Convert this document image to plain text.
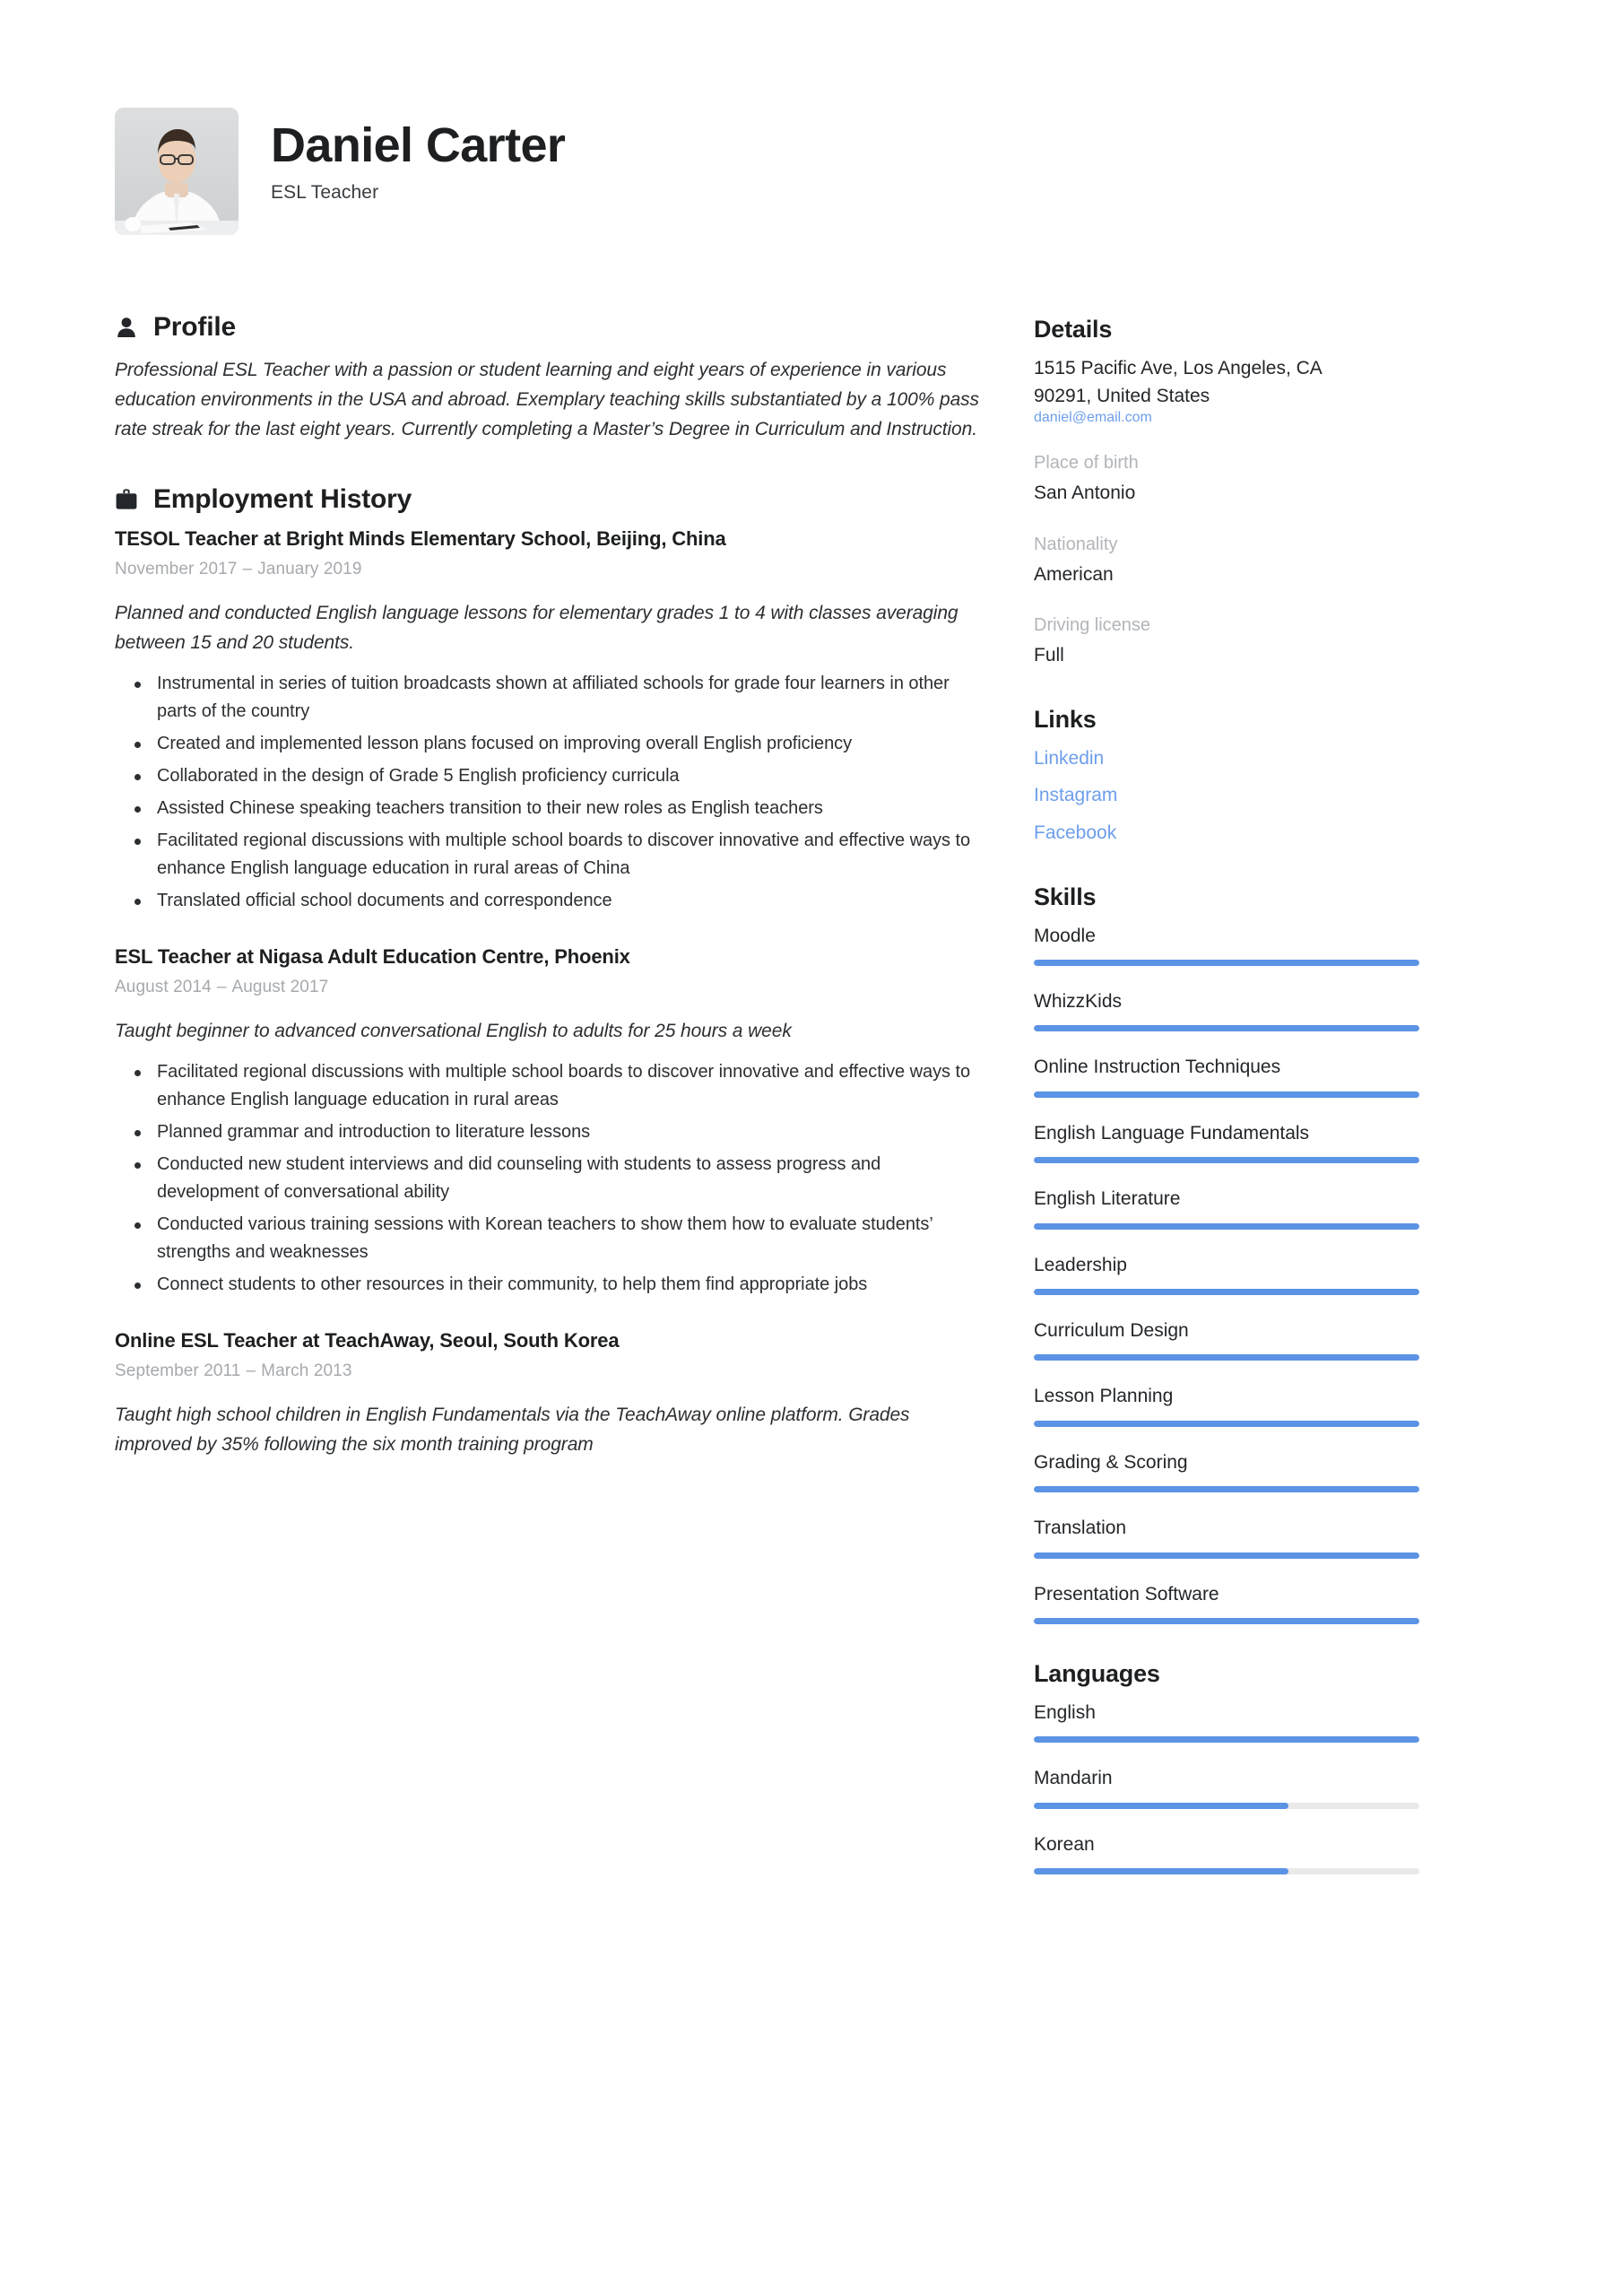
Daniel Carter
ESL Teacher
Profile

Professional ESL Teacher with a passion or student learning and eight years of experience in various education environments in the USA and abroad. Exemplary teaching skills substantiated by a 100% pass rate streak for the last eight years. Currently completing a Master’s Degree in Curriculum and Instruction.

Employment History
TESOL Teacher at Bright Minds Elementary School, Beijing, China
November 2017 – January 2019
Planned and conducted English language lessons for elementary grades 1 to 4 with classes averaging between 15 and 20 students.
Instrumental in series of tuition broadcasts shown at affiliated schools for grade four learners in other parts of the country
Created and implemented lesson plans focused on improving overall English proficiency
Collaborated in the design of Grade 5 English proficiency curricula
Assisted Chinese speaking teachers transition to their new roles as English teachers
Facilitated regional discussions with multiple school boards to discover innovative and effective ways to enhance English language education in rural areas of China
Translated official school documents and correspondence
ESL Teacher at Nigasa Adult Education Centre, Phoenix
August 2014 – August 2017
Taught beginner to advanced conversational English to adults for 25 hours a week
Facilitated regional discussions with multiple school boards to discover innovative and effective ways to enhance English language education in rural areas
Planned grammar and introduction to literature lessons
Conducted new student interviews and did counseling with students to assess progress and development of conversational ability
Conducted various training sessions with Korean teachers to show them how to evaluate students’ strengths and weaknesses
Connect students to other resources in their community, to help them find appropriate jobs
Online ESL Teacher at TeachAway, Seoul, South Korea
September 2011 – March 2013
Taught high school children in English Fundamentals via the TeachAway online platform. Grades improved by 35% following the six month training program
Details
1515 Pacific Ave, Los Angeles, CA
90291, United States
daniel@email.com
Place of birth
San Antonio
Nationality
American
Driving license
Full
Links
Linkedin
Instagram
Facebook
Skills
Moodle
WhizzKids
Online Instruction Techniques
English Language Fundamentals
English Literature
Leadership
Curriculum Design
Lesson Planning
Grading & Scoring
Translation
Presentation Software
Languages
English
Mandarin
Korean
